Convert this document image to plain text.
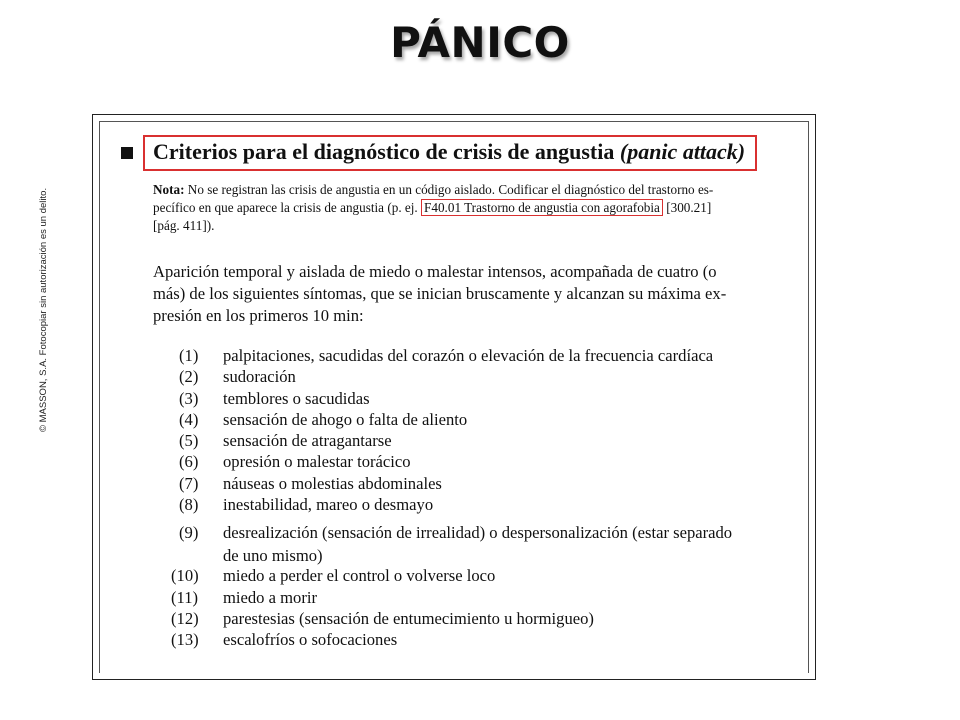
PÁNICO
© MASSON, S.A. Fotocopiar sin autorización es un delito.
Criterios para el diagnóstico de crisis de angustia (panic attack)
Nota: No se registran las crisis de angustia en un código aislado. Codificar el diagnóstico del trastorno es-
pecífico en que aparece la crisis de angustia (p. ej. F40.01 Trastorno de angustia con agorafobia [300.21]
[pág. 411]).
Aparición temporal y aislada de miedo o malestar intensos, acompañada de cuatro (o
más) de los siguientes síntomas, que se inician bruscamente y alcanzan su máxima ex-
presión en los primeros 10 min:
(1)	palpitaciones, sacudidas del corazón o elevación de la frecuencia cardíaca
(2)	sudoración
(3)	temblores o sacudidas
(4)	sensación de ahogo o falta de aliento
(5)	sensación de atragantarse
(6)	opresión o malestar torácico
(7)	náuseas o molestias abdominales
(8)	inestabilidad, mareo o desmayo
(9)	desrealización (sensación de irrealidad) o despersonalización (estar separado
de uno mismo)
(10)	miedo a perder el control o volverse loco
(11)	miedo a morir
(12)	parestesias (sensación de entumecimiento u hormigueo)
(13)	escalofríos o sofocaciones
